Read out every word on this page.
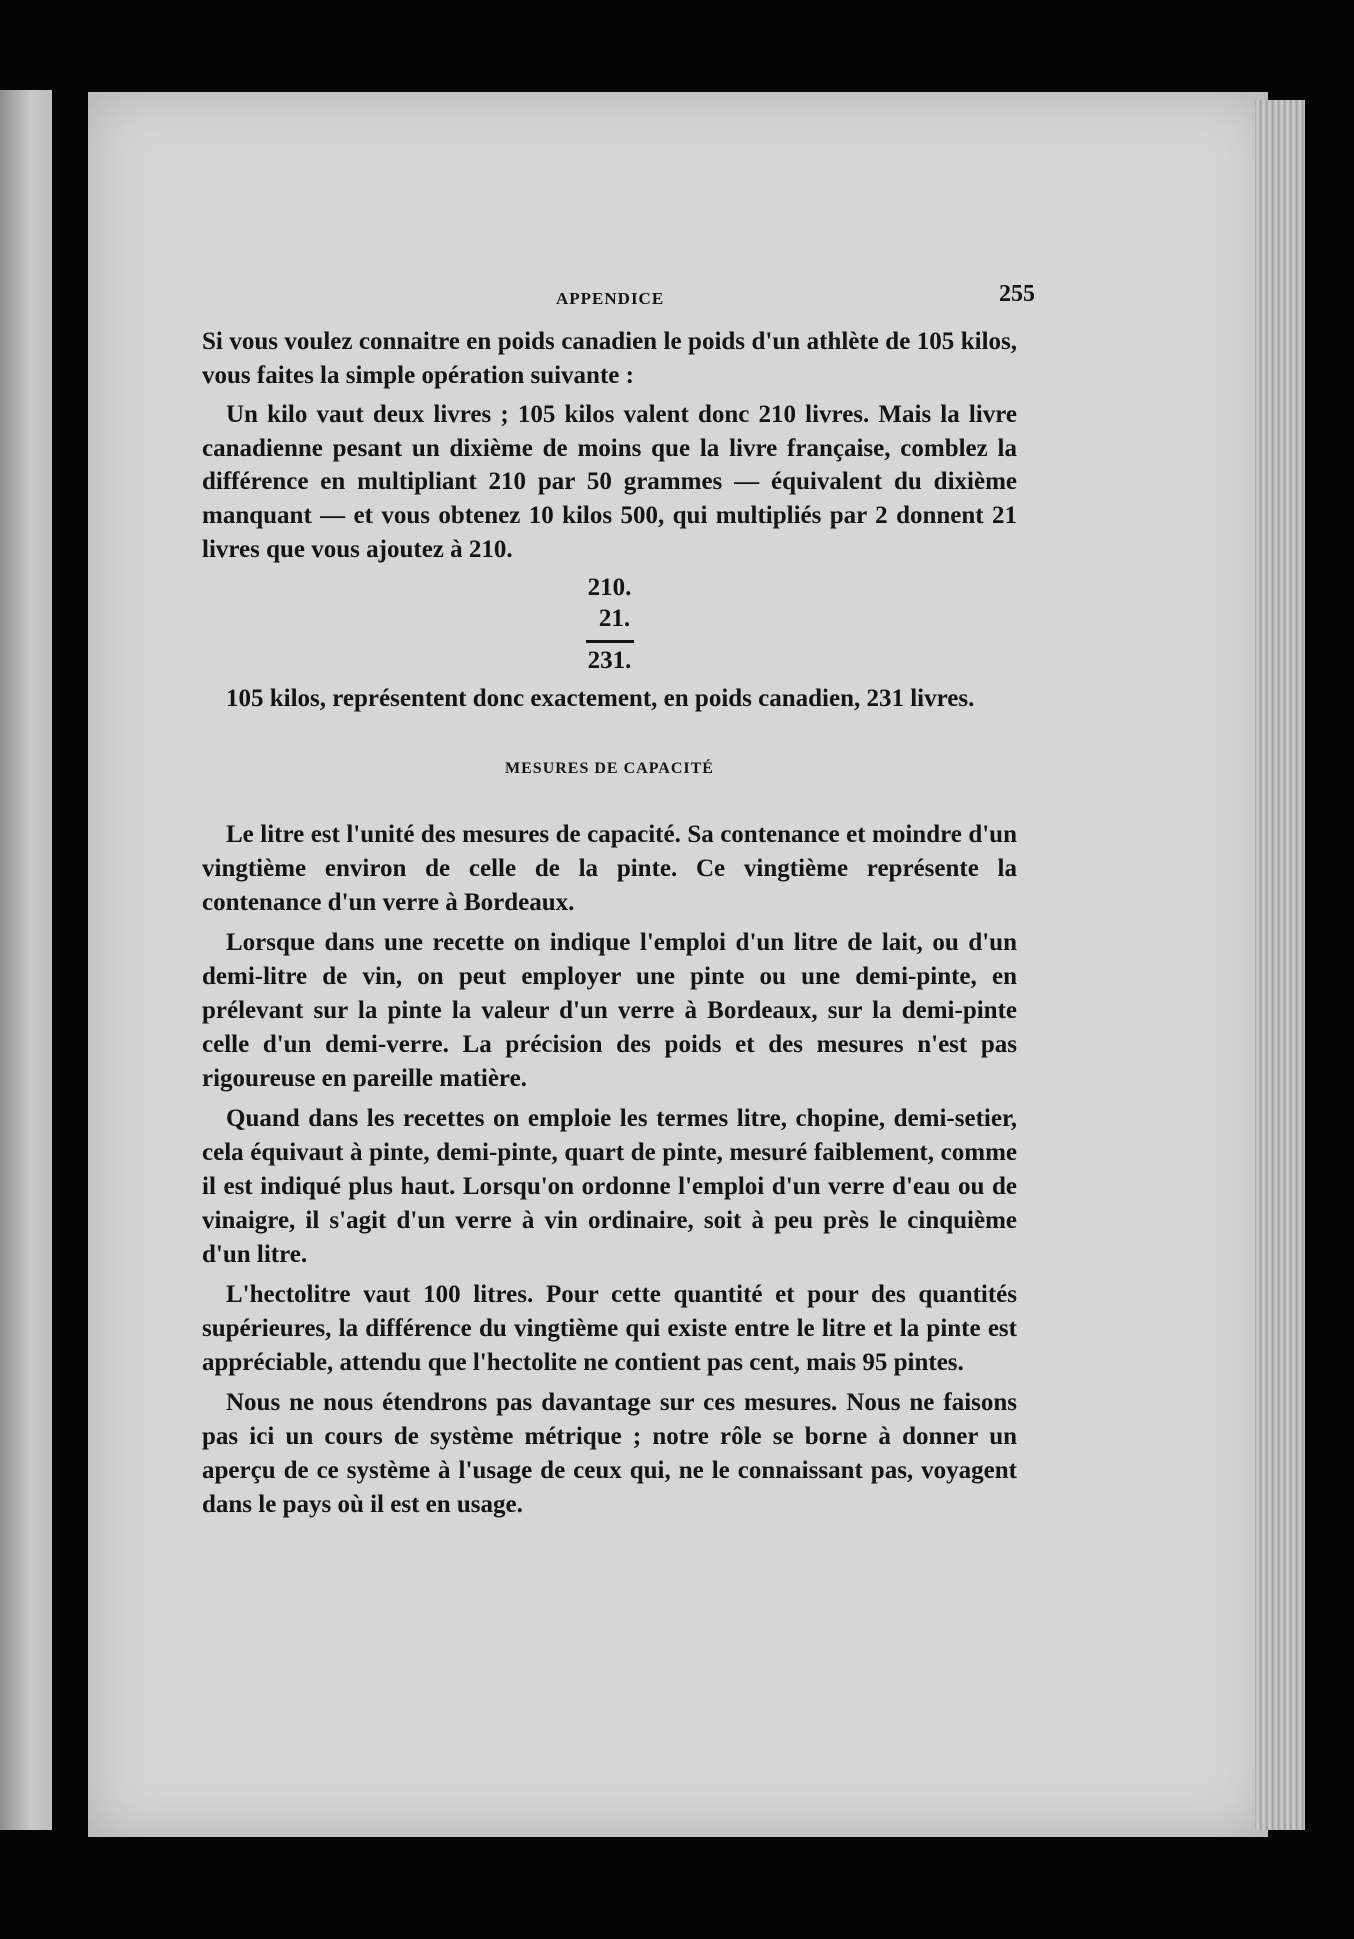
APPENDICE	255

Si vous voulez connaitre en poids canadien le poids d'un athlète de 105 kilos, vous faites la simple opération suivante :

Un kilo vaut deux livres ; 105 kilos valent donc 210 livres. Mais la livre canadienne pesant un dixième de moins que la livre française, comblez la différence en multipliant 210 par 50 grammes — équivalent du dixième manquant — et vous obtenez 10 kilos 500, qui multipliés par 2 donnent 21 livres que vous ajoutez à 210.

210.
21.
231.

105 kilos, représentent donc exactement, en poids canadien, 231 livres.

MESURES DE CAPACITÉ

Le litre est l'unité des mesures de capacité. Sa contenance et moindre d'un vingtième environ de celle de la pinte. Ce vingtième représente la contenance d'un verre à Bordeaux.

Lorsque dans une recette on indique l'emploi d'un litre de lait, ou d'un demi-litre de vin, on peut employer une pinte ou une demi-pinte, en prélevant sur la pinte la valeur d'un verre à Bordeaux, sur la demi-pinte celle d'un demi-verre. La précision des poids et des mesures n'est pas rigoureuse en pareille matière.

Quand dans les recettes on emploie les termes litre, chopine, demi-setier, cela équivaut à pinte, demi-pinte, quart de pinte, mesuré faiblement, comme il est indiqué plus haut. Lorsqu'on ordonne l'emploi d'un verre d'eau ou de vinaigre, il s'agit d'un verre à vin ordinaire, soit à peu près le cinquième d'un litre.

L'hectolitre vaut 100 litres. Pour cette quantité et pour des quantités supérieures, la différence du vingtième qui existe entre le litre et la pinte est appréciable, attendu que l'hectolite ne contient pas cent, mais 95 pintes.

Nous ne nous étendrons pas davantage sur ces mesures. Nous ne faisons pas ici un cours de système métrique ; notre rôle se borne à donner un aperçu de ce système à l'usage de ceux qui, ne le connaissant pas, voyagent dans le pays où il est en usage.
